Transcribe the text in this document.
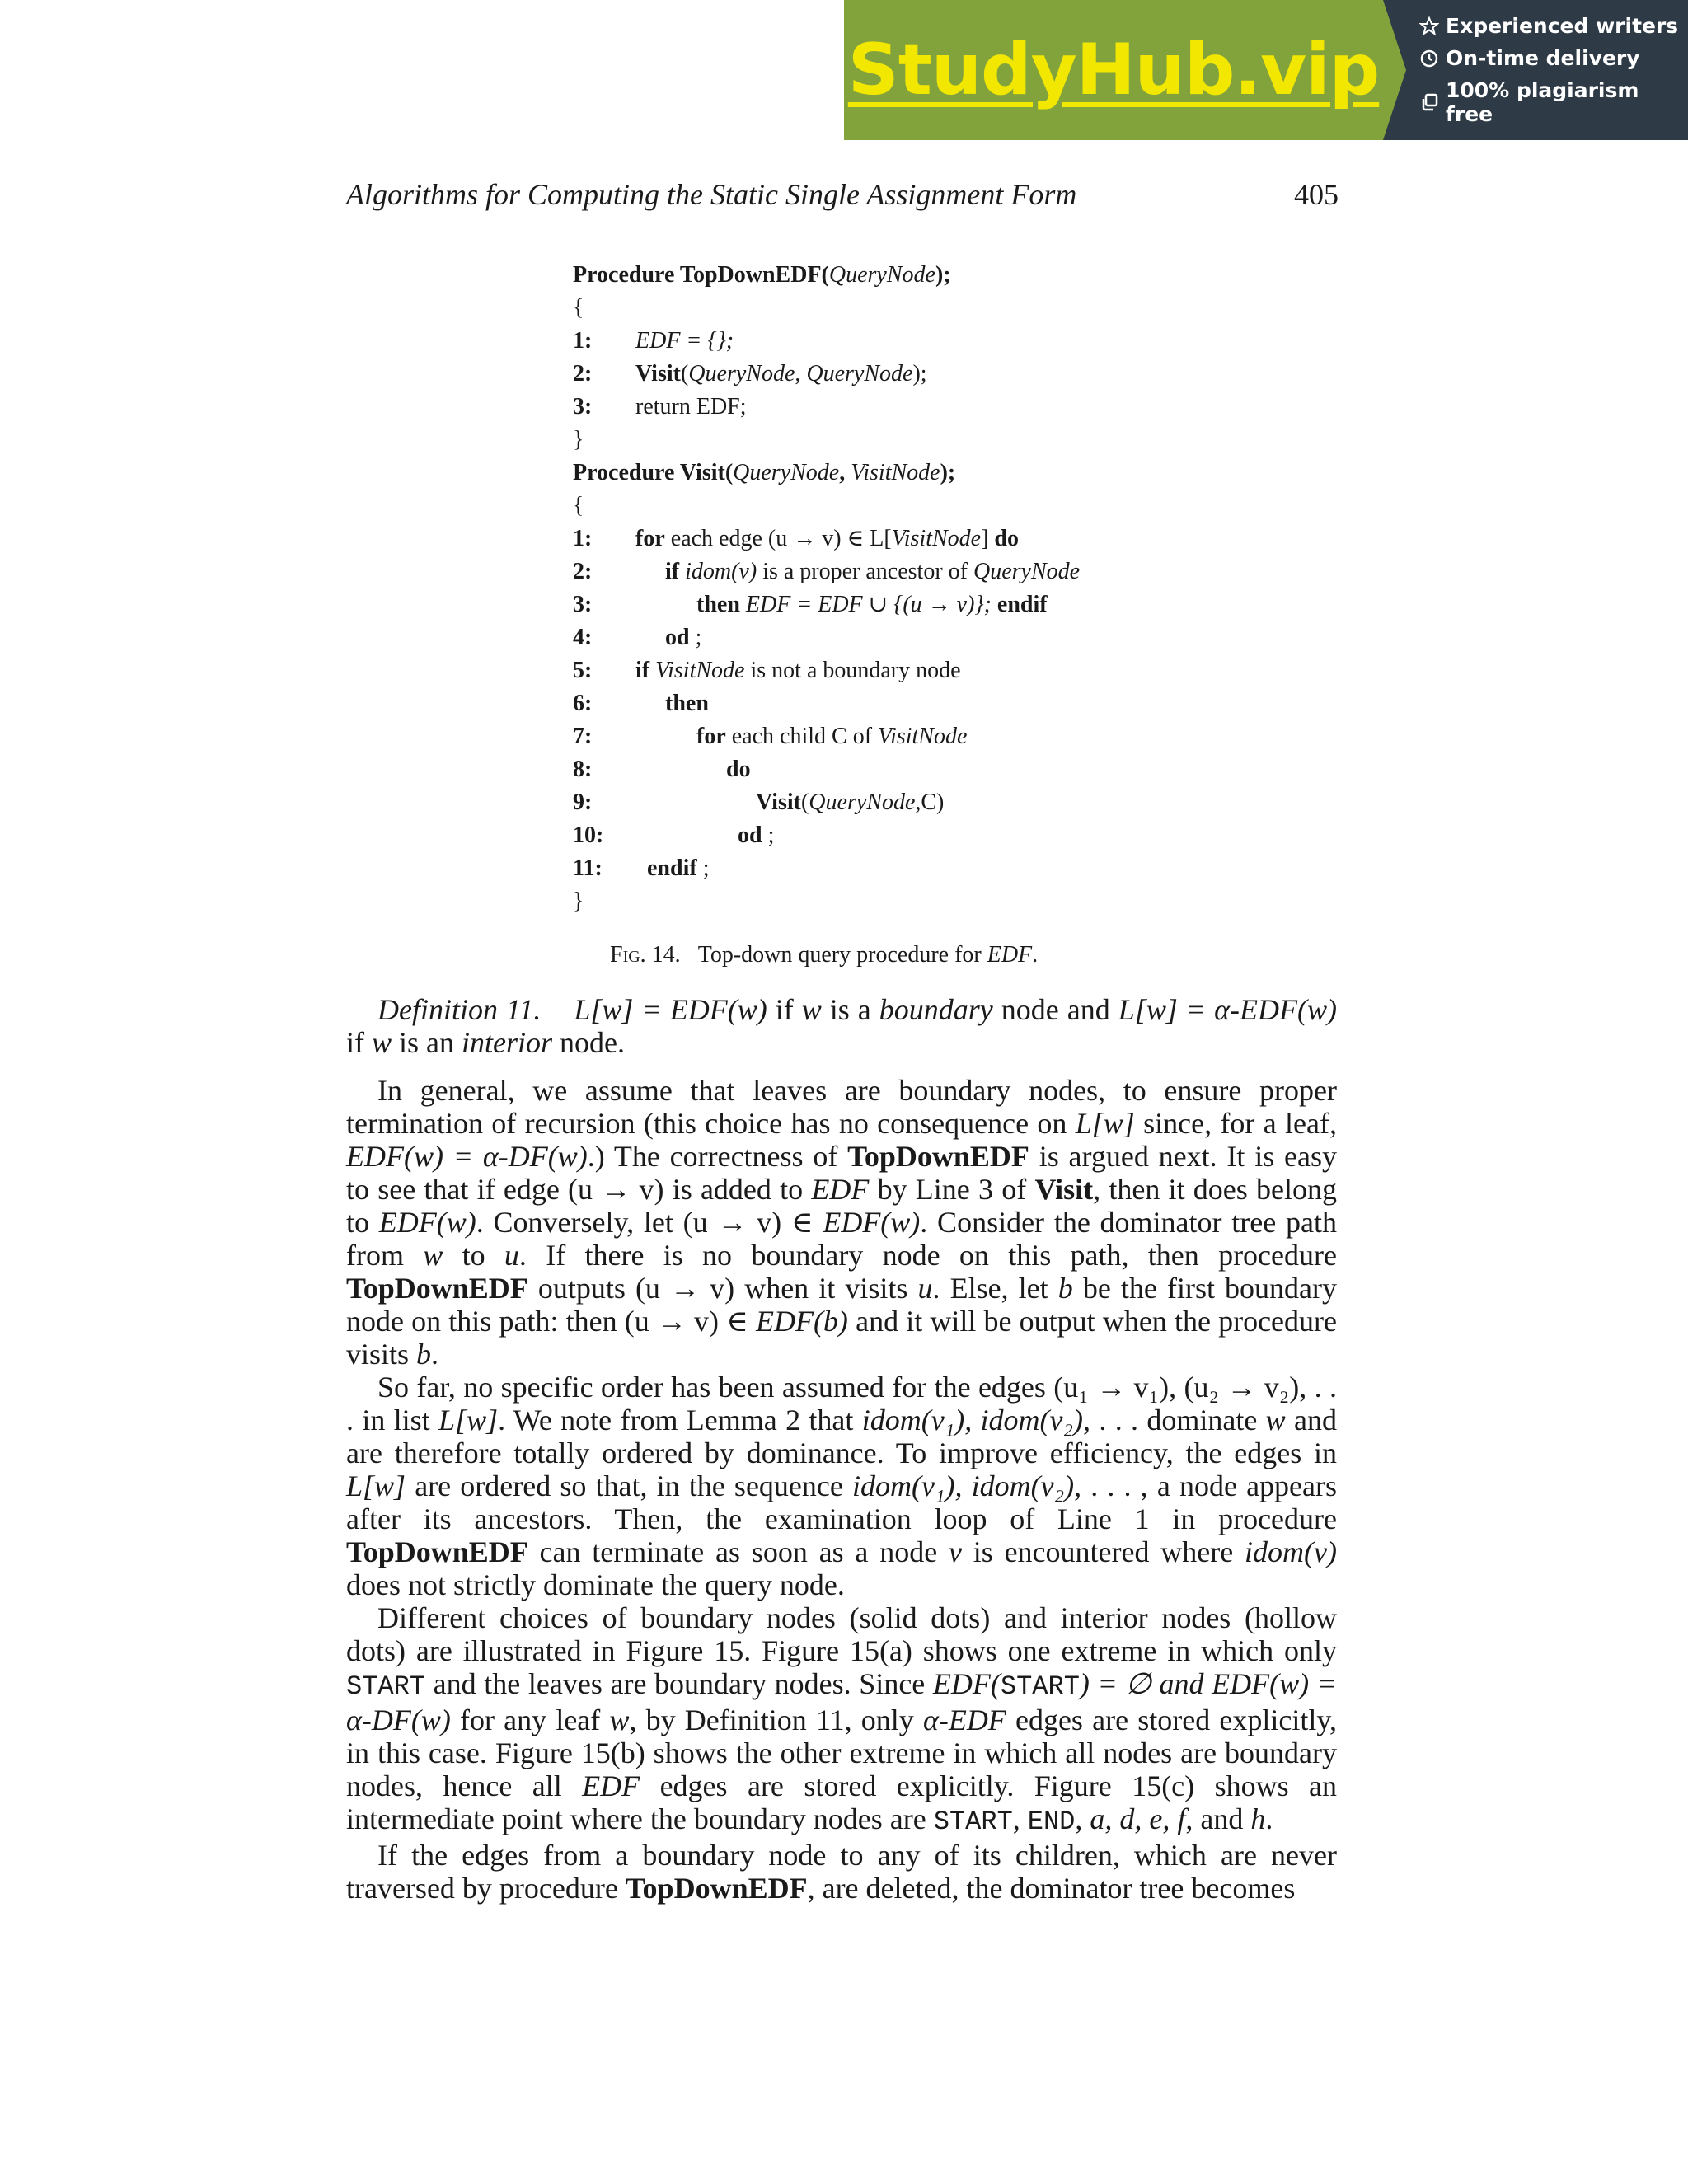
StudyHub.vip
Experienced writers
On-time delivery
100% plagiarism free
Algorithms for Computing the Static Single Assignment Form	405
Procedure TopDownEDF(QueryNode);
{
1: EDF = {};
2: Visit(QueryNode, QueryNode);
3: return EDF;
}
Procedure Visit(QueryNode, VisitNode);
{
1: for each edge (u → v) ∈ L[VisitNode] do
2:	if idom(v) is a proper ancestor of QueryNode
3:	then EDF = EDF ∪ {(u → v)}; endif
4:	od ;
5: if VisitNode is not a boundary node
6:	then
7:	for each child C of VisitNode
8:	do
9:	Visit(QueryNode,C)
10:	od ;
11: endif ;
}
Fig. 14. Top-down query procedure for EDF.

Definition 11. L[w] = EDF(w) if w is a boundary node and L[w] = α-EDF(w) if w is an interior node.

In general, we assume that leaves are boundary nodes, to ensure proper termination of recursion (this choice has no consequence on L[w] since, for a leaf, EDF(w) = α-DF(w).) The correctness of TopDownEDF is argued next. It is easy to see that if edge (u → v) is added to EDF by Line 3 of Visit, then it does belong to EDF(w). Conversely, let (u → v) ∈ EDF(w). Consider the dominator tree path from w to u. If there is no boundary node on this path, then procedure TopDownEDF outputs (u → v) when it visits u. Else, let b be the first boundary node on this path: then (u → v) ∈ EDF(b) and it will be output when the procedure visits b.

So far, no specific order has been assumed for the edges (u₁ → v₁), (u₂ → v₂), . . . in list L[w]. We note from Lemma 2 that idom(v₁), idom(v₂), . . . dominate w and are therefore totally ordered by dominance. To improve efficiency, the edges in L[w] are ordered so that, in the sequence idom(v₁), idom(v₂), . . . , a node appears after its ancestors. Then, the examination loop of Line 1 in procedure TopDownEDF can terminate as soon as a node v is encountered where idom(v) does not strictly dominate the query node.

Different choices of boundary nodes (solid dots) and interior nodes (hollow dots) are illustrated in Figure 15. Figure 15(a) shows one extreme in which only START and the leaves are boundary nodes. Since EDF(START) = ∅ and EDF(w) = α-DF(w) for any leaf w, by Definition 11, only α-EDF edges are stored explicitly, in this case. Figure 15(b) shows the other extreme in which all nodes are boundary nodes, hence all EDF edges are stored explicitly. Figure 15(c) shows an intermediate point where the boundary nodes are START, END, a, d, e, f, and h.

If the edges from a boundary node to any of its children, which are never traversed by procedure TopDownEDF, are deleted, the dominator tree becomes
